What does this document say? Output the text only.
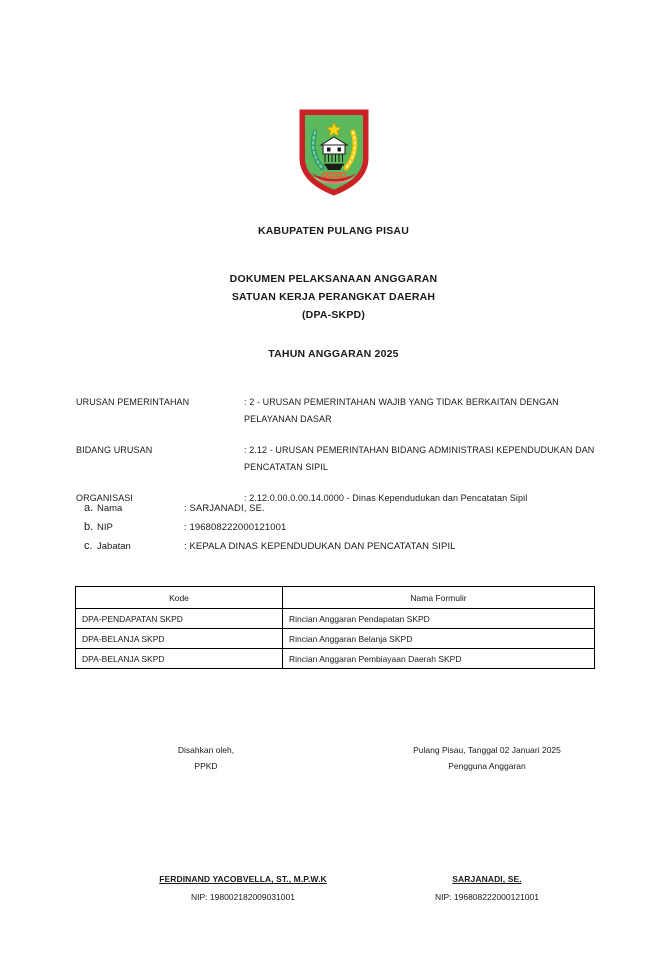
KABUPATEN PULANG PISAU
DOKUMEN PELAKSANAAN ANGGARAN
SATUAN KERJA PERANGKAT DAERAH
(DPA-SKPD)
TAHUN ANGGARAN 2025
URUSAN PEMERINTAHAN	: 2 - URUSAN PEMERINTAHAN WAJIB YANG TIDAK BERKAITAN DENGAN
PELAYANAN DASAR
BIDANG URUSAN	: 2.12 - URUSAN PEMERINTAHAN BIDANG ADMINISTRASI KEPENDUDUKAN DAN
PENCATATAN SIPIL
ORGANISASI	: 2.12.0.00.0.00.14.0000 - Dinas Kependudukan dan Pencatatan Sipil
a. Nama	: SARJANADI, SE.
b. NIP	: 196808222000121001
c. Jabatan	: KEPALA DINAS KEPENDUDUKAN DAN PENCATATAN SIPIL
Kode	Nama Formulir
DPA-PENDAPATAN SKPD	Rincian Anggaran Pendapatan SKPD
DPA-BELANJA SKPD	Rincian Anggaran Belanja SKPD
DPA-BELANJA SKPD	Rincian Anggaran Pembiayaan Daerah SKPD
Disahkan oleh,
PPKD
Pulang Pisau, Tanggal 02 Januari 2025
Pengguna Anggaran
FERDINAND YACOBVELLA, ST., M.P.W.K
NIP: 198002182009031001
SARJANADI, SE.
NIP: 196808222000121001
